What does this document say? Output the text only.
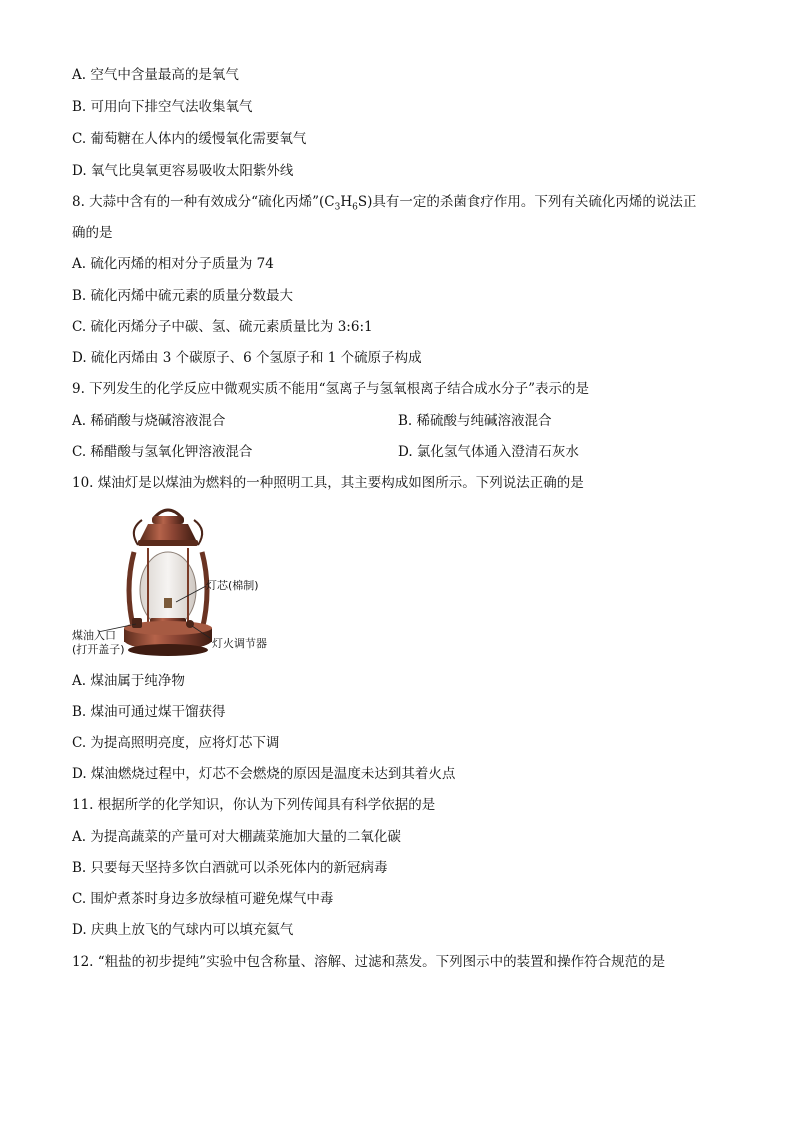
A. 空气中含量最高的是氧气
B. 可用向下排空气法收集氧气
C. 葡萄糖在人体内的缓慢氧化需要氧气
D. 氧气比臭氧更容易吸收太阳紫外线
8. 大蒜中含有的一种有效成分“硫化丙烯$”(C_3H_6S)$具有一定的杀菌食疗作用。下列有关硫化丙烯的说法正
确的是
A. 硫化丙烯的相对分子质量为 74
B. 硫化丙烯中硫元素的质量分数最大
C. 硫化丙烯分子中碳、氢、硫元素质量比为 3:6:1
D. 硫化丙烯由 3 个碳原子、6 个氢原子和 1 个硫原子构成
9. 下列发生的化学反应中微观实质不能用“氢离子与氢氧根离子结合成水分子”表示的是
A. 稀硝酸与烧碱溶液混合	B. 稀硫酸与纯碱溶液混合
C. 稀醋酸与氢氧化钾溶液混合	D. 氯化氢气体通入澄清石灰水
10. 煤油灯是以煤油为燃料的一种照明工具，其主要构成如图所示。下列说法正确的是
灯芯(棉制)
煤油入口
(打开盖子)	灯火调节器
A. 煤油属于纯净物
B. 煤油可通过煤干馏获得
C. 为提高照明亮度，应将灯芯下调
D. 煤油燃烧过程中，灯芯不会燃烧的原因是温度未达到其着火点
11. 根据所学的化学知识，你认为下列传闻具有科学依据的是
A. 为提高蔬菜的产量可对大棚蔬菜施加大量的二氧化碳
B. 只要每天坚持多饮白酒就可以杀死体内的新冠病毒
C. 围炉煮茶时身边多放绿植可避免煤气中毒
D. 庆典上放飞的气球内可以填充氦气
12. “粗盐的初步提纯”实验中包含称量、溶解、过滤和蒸发。下列图示中的装置和操作符合规范的是
